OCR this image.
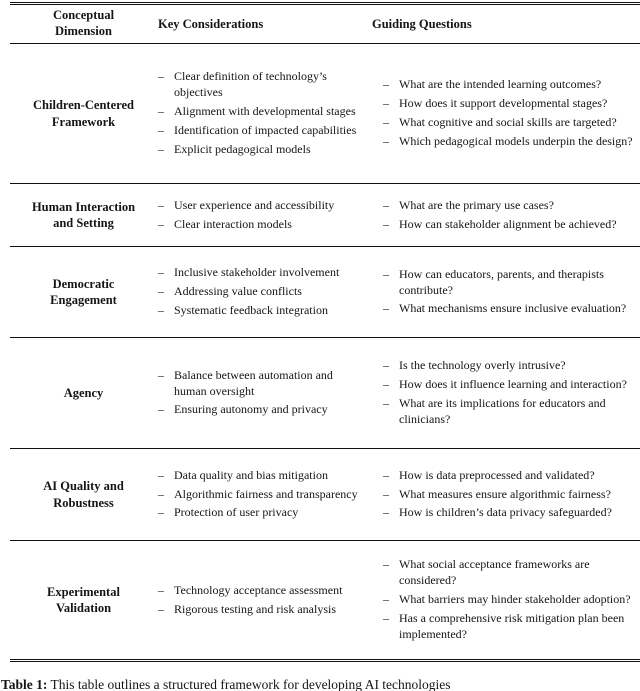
Conceptual Dimension
Key Considerations	Guiding Questions
Children-Centered Framework
– Clear definition of technology’s objectives
– Alignment with developmental stages
– Identification of impacted capabilities
– Explicit pedagogical models
– What are the intended learning outcomes?
– How does it support developmental stages?
– What cognitive and social skills are targeted?
– Which pedagogical models underpin the design?
Human Interaction and Setting
– User experience and accessibility
– Clear interaction models
– What are the primary use cases?
– How can stakeholder alignment be achieved?
Democratic Engagement
– Inclusive stakeholder involvement
– Addressing value conflicts
– Systematic feedback integration
– How can educators, parents, and therapists contribute?
– What mechanisms ensure inclusive evaluation?
Agency
– Balance between automation and human oversight
– Ensuring autonomy and privacy
– Is the technology overly intrusive?
– How does it influence learning and interaction?
– What are its implications for educators and clinicians?
AI Quality and Robustness
– Data quality and bias mitigation
– Algorithmic fairness and transparency
– Protection of user privacy
– How is data preprocessed and validated?
– What measures ensure algorithmic fairness?
– How is children’s data privacy safeguarded?
Experimental Validation
– Technology acceptance assessment
– Rigorous testing and risk analysis
– What social acceptance frameworks are considered?
– What barriers may hinder stakeholder adoption?
– Has a comprehensive risk mitigation plan been implemented?
Table 1: This table outlines a structured framework for developing AI technologies
